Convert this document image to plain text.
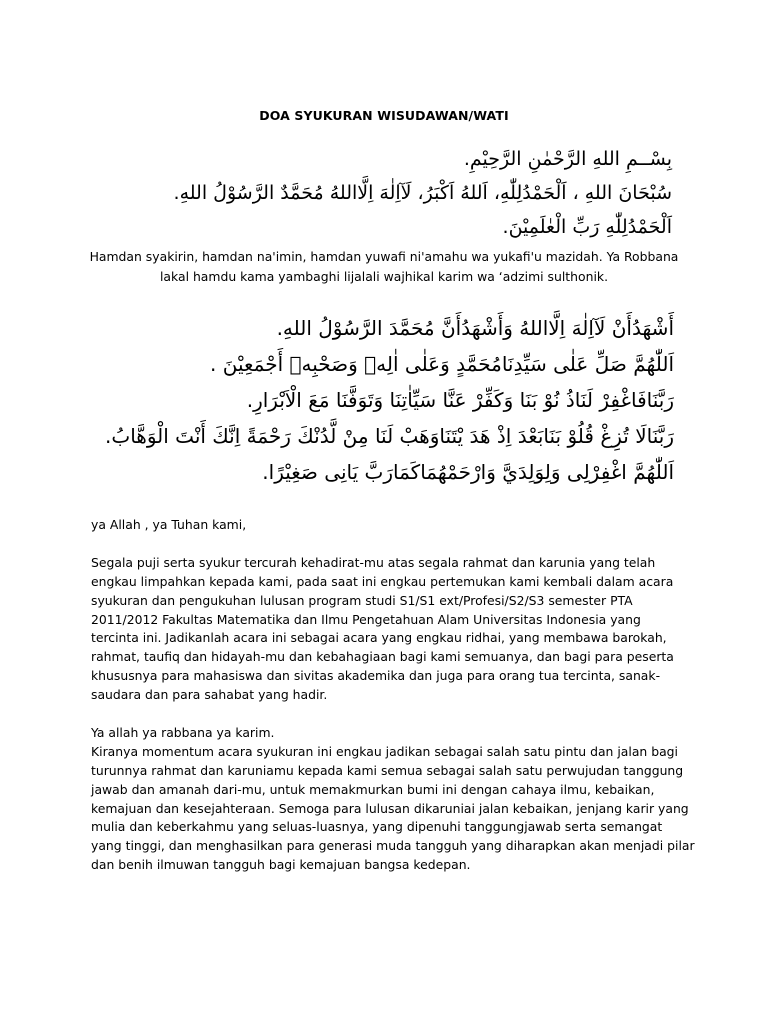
DOA SYUKURAN WISUDAWAN/WATI
بِسْــمِ اللهِ الرَّحْمٰنِ الرَّحِيْمِ.
سُبْحَانَ اللهِ ، اَلْحَمْدُلِلّٰهِ، اَللهُ اَكْبَرُ، لَآاِلٰهَ اِلَّااللهُ مُحَمَّدٌ الرَّسُوْلُ اللهِ.
اَلْحَمْدُلِلّٰهِ رَبِّ الْعٰلَمِيْنَ.
Hamdan syakirin, hamdan na'imin, hamdan yuwafi ni'amahu wa yukafi'u mazidah. Ya Robbana
lakal hamdu kama yambaghi lijalali wajhikal karim wa ‘adzimi sulthonik.
أَشْهَدُأَنْ لَآاِلٰهَ اِلَّااللهُ وَأَشْهَدُأَنَّ مُحَمَّدَ الرَّسُوْلُ اللهِ.
اَللّٰهُمَّ صَلِّ عَلٰى سَيِّدِنَامُحَمَّدٍ وَعَلٰى اٰلِهٖ وَصَحْبِهٖ أَجْمَعِيْنَ .
رَبَّنَافَاغْفِرْ لَنَاذُ نُوْ بَنَا وَكَفِّرْ عَنَّا سَيِّاٰتِنَا وَتَوَفَّنَا مَعَ الْاَبْرَارِ.
رَبَّنَالَا تُزِغْ قُلُوْ بَنَابَعْدَ اِذْ هَدَ يْتَنَاوَهَبْ لَنَا مِنْ لَّدُنْكَ رَحْمَةً اِنَّكَ أَنْتَ الْوَهَّابُ.
اَللّٰهُمَّ اغْفِرْلِى وَلِوَلِدَيَّ وَارْحَمْهُمَاكَمَارَبَّ يَانِى صَغِيْرًا.
ya Allah , ya Tuhan kami,
Segala puji serta syukur tercurah kehadirat-mu atas segala rahmat dan karunia yang telah
engkau limpahkan kepada kami, pada saat ini engkau pertemukan kami kembali dalam acara
syukuran dan pengukuhan lulusan program studi S1/S1 ext/Profesi/S2/S3 semester PTA
2011/2012 Fakultas Matematika dan Ilmu Pengetahuan Alam Universitas Indonesia yang
tercinta ini. Jadikanlah acara ini sebagai acara yang engkau ridhai, yang membawa barokah,
rahmat, taufiq dan hidayah-mu dan kebahagiaan bagi kami semuanya, dan bagi para peserta
khususnya para mahasiswa dan sivitas akademika dan juga para orang tua tercinta, sanak-
saudara dan para sahabat yang hadir.
Ya allah ya rabbana ya karim.
Kiranya momentum acara syukuran ini engkau jadikan sebagai salah satu pintu dan jalan bagi
turunnya rahmat dan karuniamu kepada kami semua sebagai salah satu perwujudan tanggung
jawab dan amanah dari-mu, untuk memakmurkan bumi ini dengan cahaya ilmu, kebaikan,
kemajuan dan kesejahteraan. Semoga para lulusan dikaruniai jalan kebaikan, jenjang karir yang
mulia dan keberkahmu yang seluas-luasnya, yang dipenuhi tanggungjawab serta semangat
yang tinggi, dan menghasilkan para generasi muda tangguh yang diharapkan akan menjadi pilar
dan benih ilmuwan tangguh bagi kemajuan bangsa kedepan.
